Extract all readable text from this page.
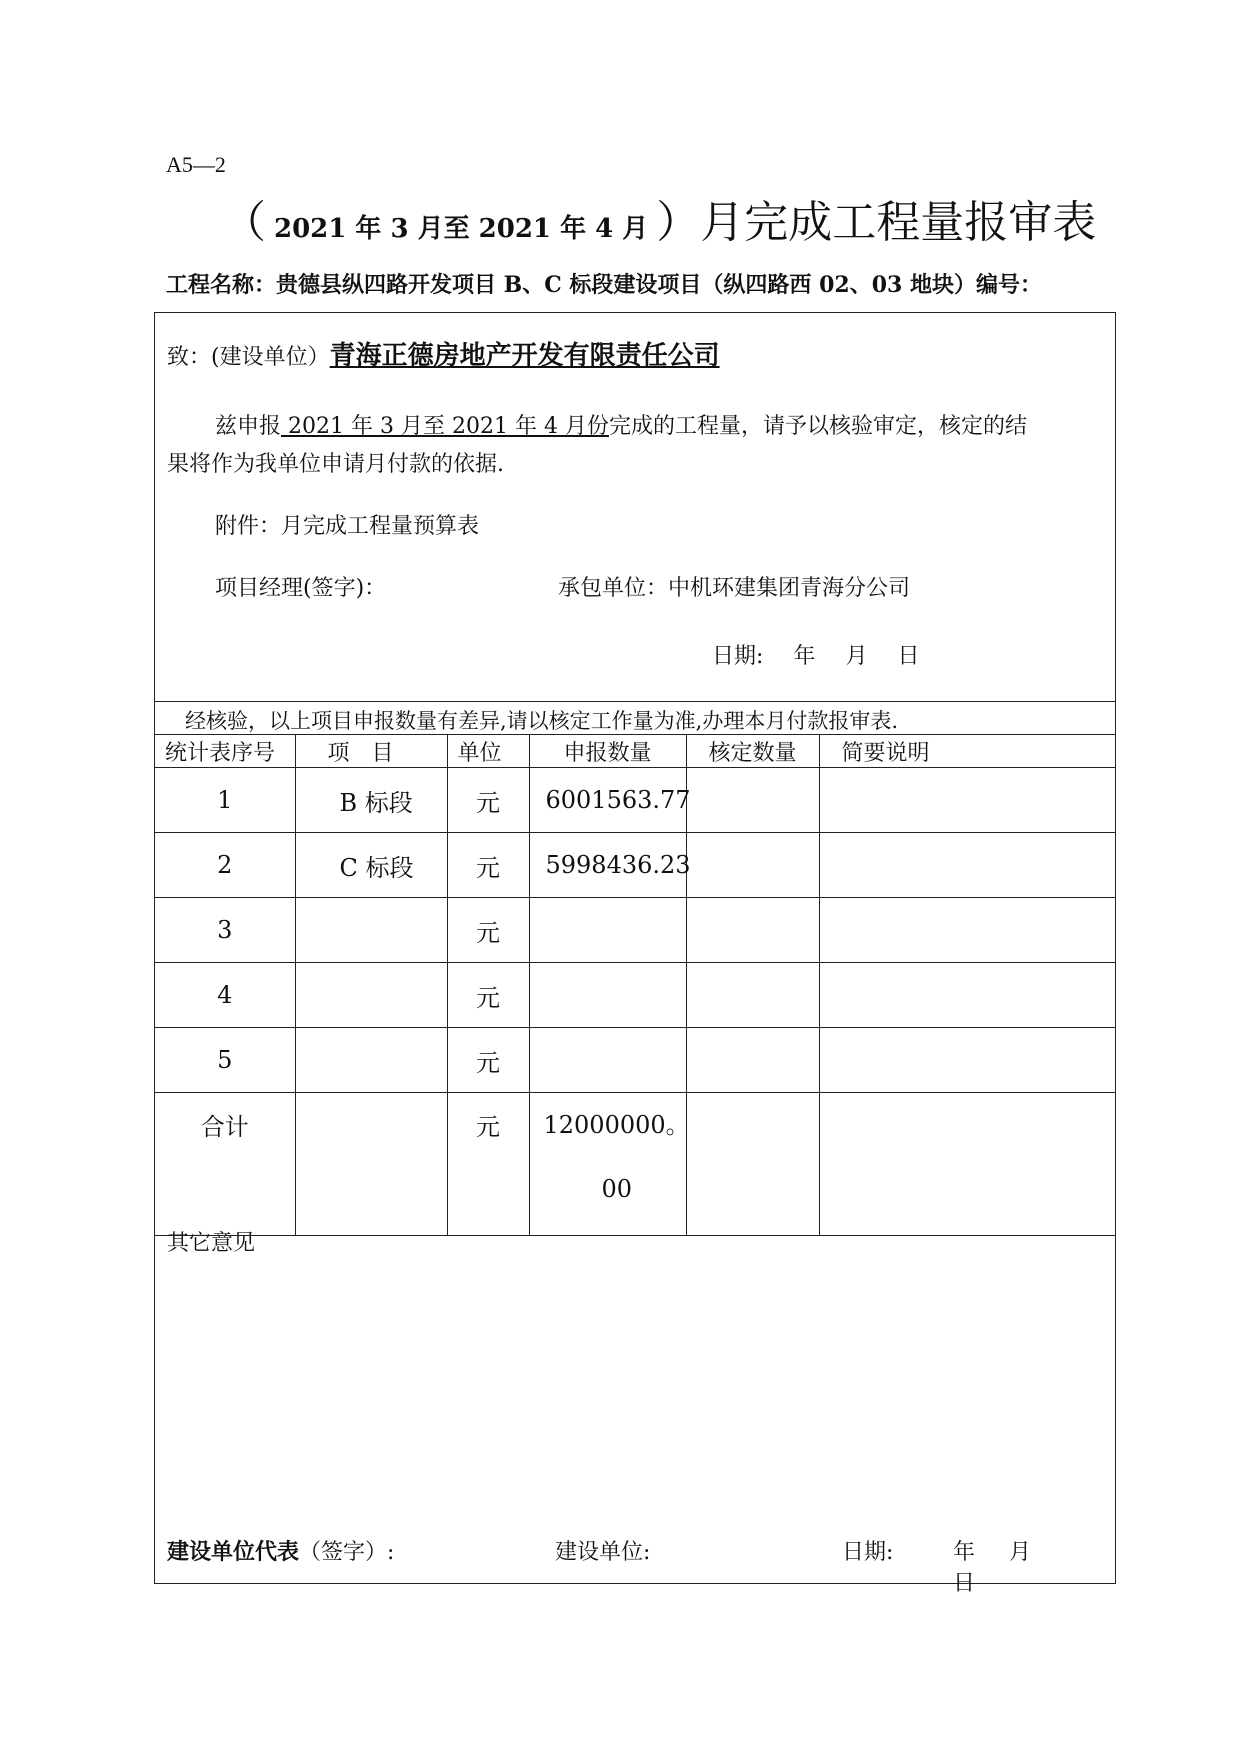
A5—2
（ 2021 年 3 月至 2021 年 4 月 ）月完成工程量报审表
工程名称：贵德县纵四路开发项目 B、C 标段建设项目（纵四路西 02、03 地块）编号：
致：(建设单位）青海正德房地产开发有限责任公司
兹申报 2021 年 3 月至 2021 年 4 月份完成的工程量，请予以核验审定，核定的结
果将作为我单位申请月付款的依据.
附件：月完成工程量预算表
项目经理(签字)：	承包单位：中机环建集团青海分公司
日期: 年 月 日
经核验，以上项目申报数量有差异,请以核定工作量为准,办理本月付款报审表.
统计表序号	项　目	单位	申报数量	核定数量	简要说明
1	B 标段	元	6001563.77		
2	C 标段	元	5998436.23		
3		元			
4		元			
5		元			
合计		元	12000000。
00		

其它意见
建设单位代表（签字）:	建设单位:	日期:	年 月日
